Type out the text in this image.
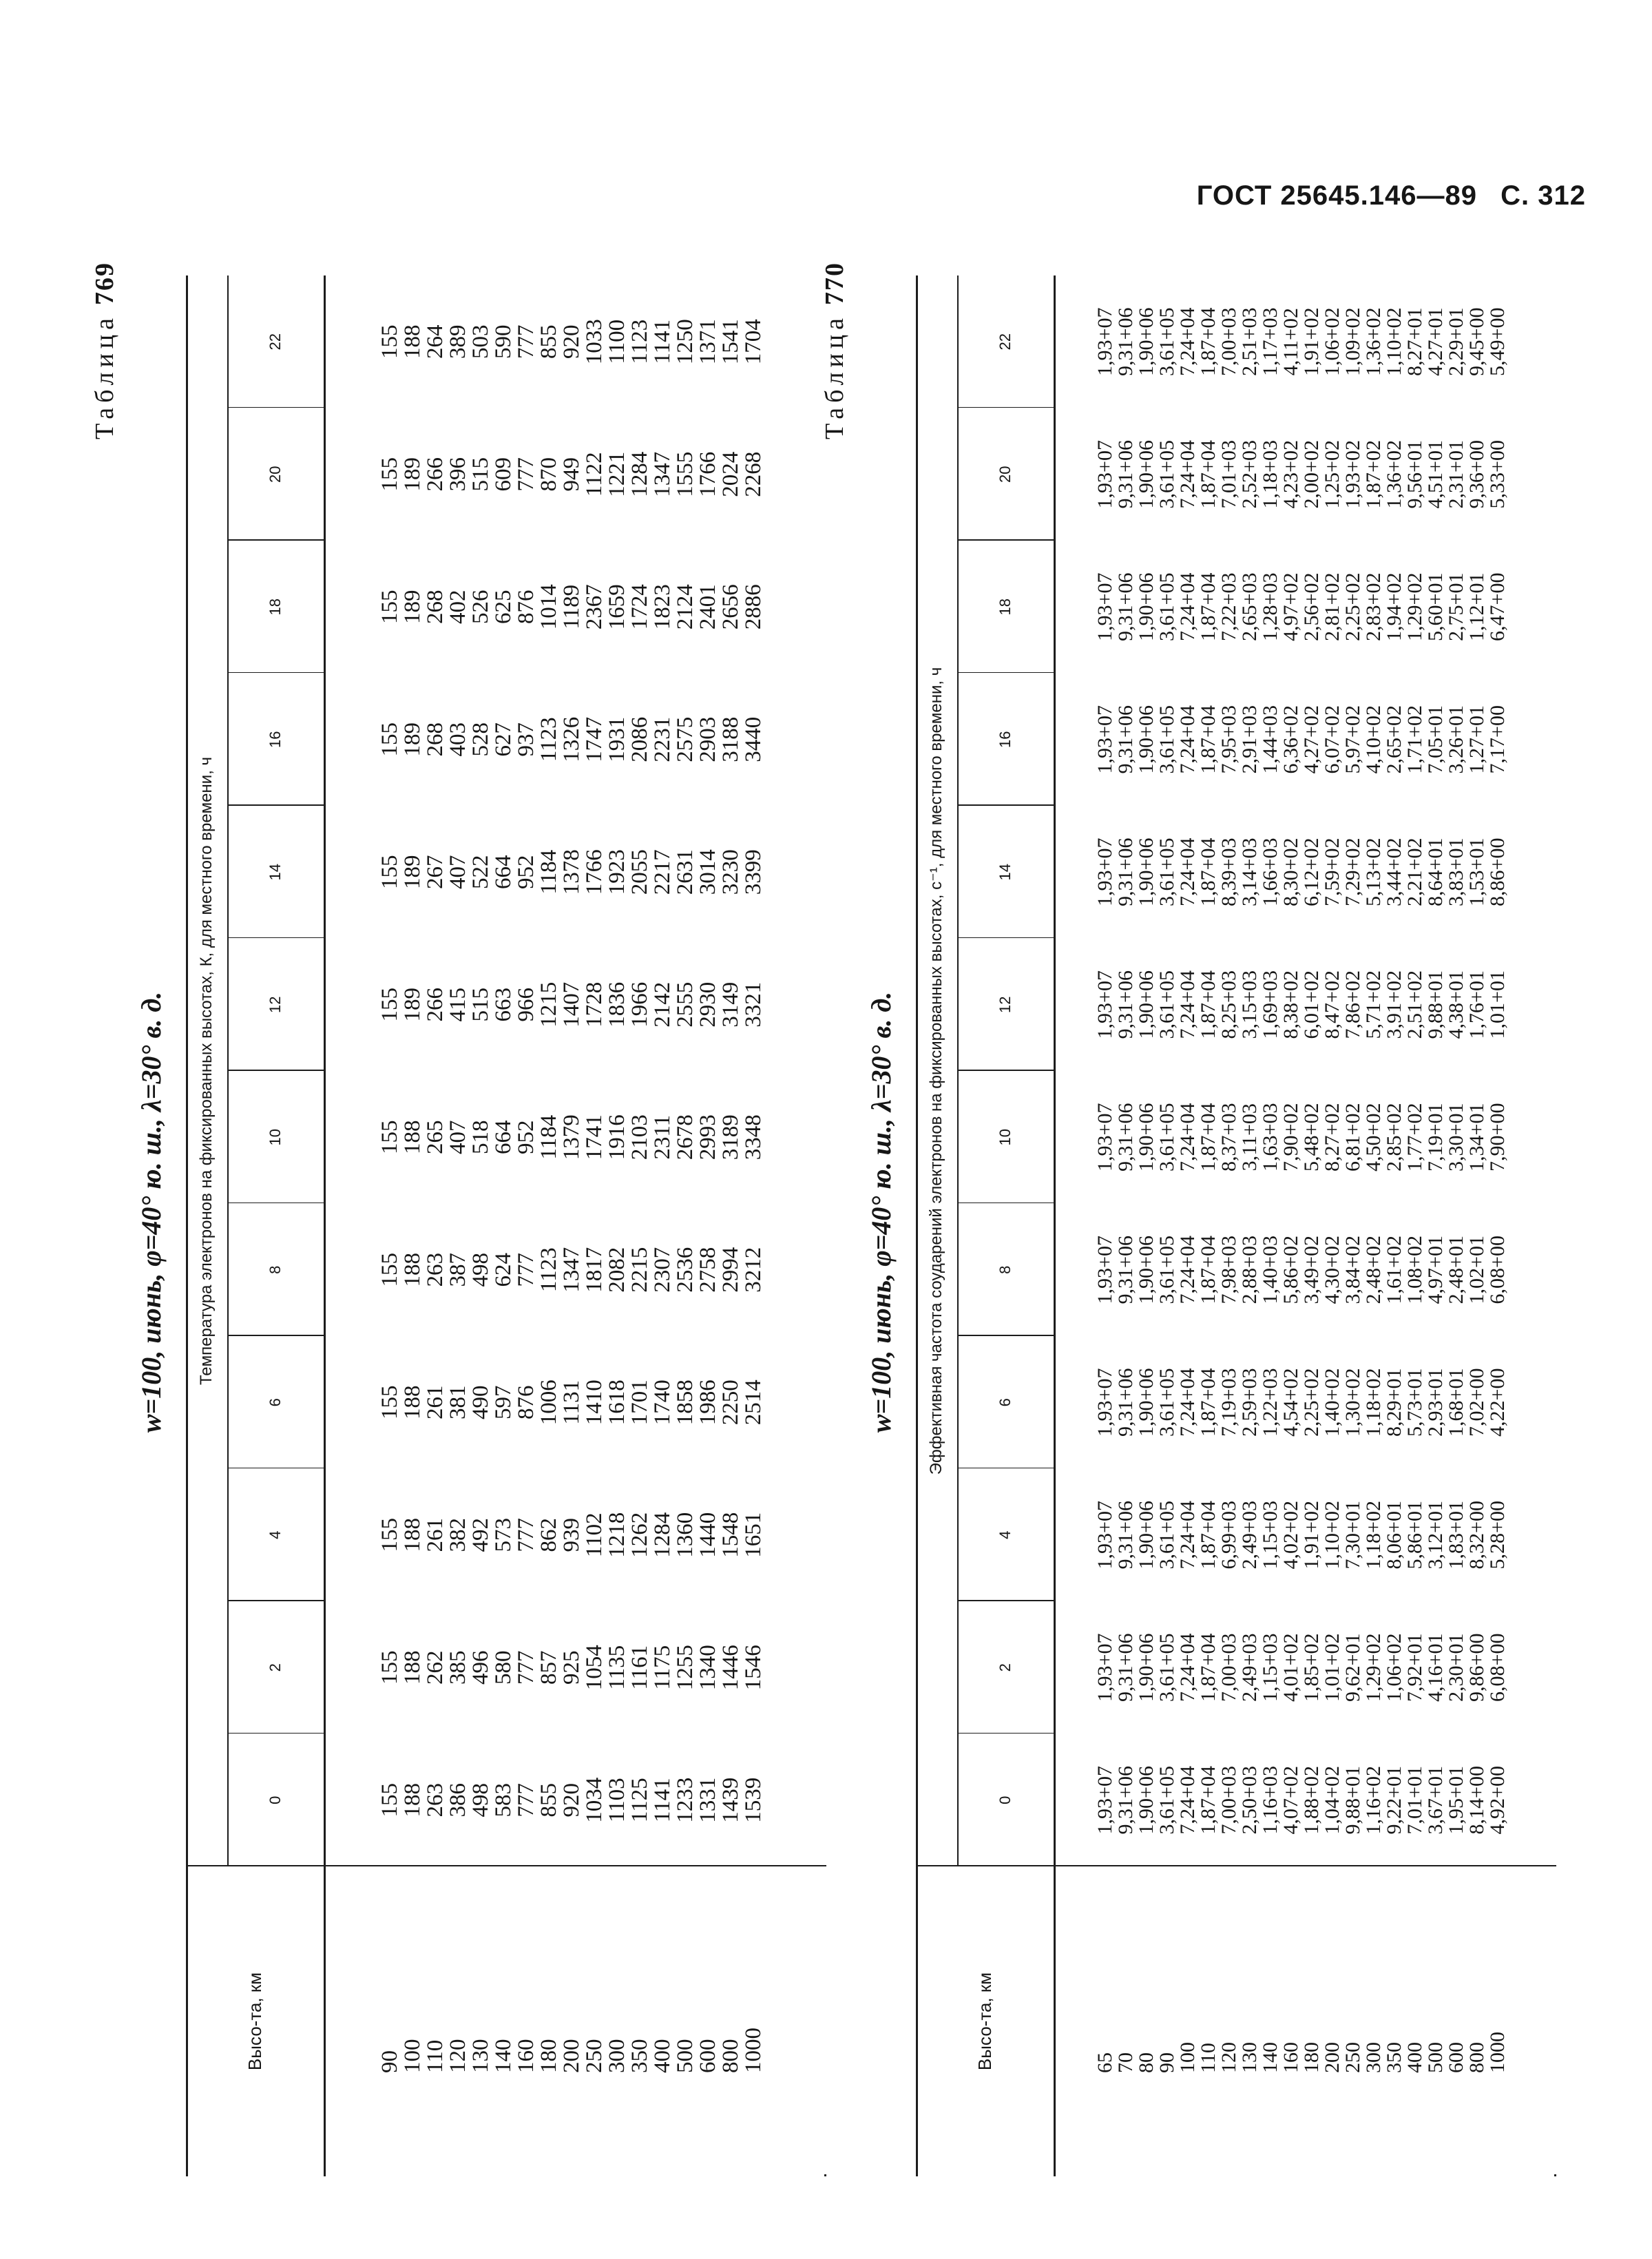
ГОСТ 25645.146—89 С. 312
Таблица769
w=100, июнь, φ=40° ю. ш., λ=30° в. д.
Высо-
та, км
Температура электронов на фиксированных высотах, К, для местного времени, ч
0
2
4
6
8
10
12
14
16
18
20
22
90
100
110
120
130
140
160
180
200
250
300
350
400
500
600
800
1000
155
188
263
386
498
583
777
855
920
1034
1103
1125
1141
1233
1331
1439
1539
155
188
262
385
496
580
777
857
925
1054
1135
1161
1175
1255
1340
1446
1546
155
188
261
382
492
573
777
862
939
1102
1218
1262
1284
1360
1440
1548
1651
155
188
261
381
490
597
876
1006
1131
1410
1618
1701
1740
1858
1986
2250
2514
155
188
263
387
498
624
777
1123
1347
1817
2082
2215
2307
2536
2758
2994
3212
155
188
265
407
518
664
952
1184
1379
1741
1916
2103
2311
2678
2993
3189
3348
155
189
266
415
515
663
966
1215
1407
1728
1836
1966
2142
2555
2930
3149
3321
155
189
267
407
522
664
952
1184
1378
1766
1923
2055
2217
2631
3014
3230
3399
155
189
268
403
528
627
937
1123
1326
1747
1931
2086
2231
2575
2903
3188
3440
155
189
268
402
526
625
876
1014
1189
2367
1659
1724
1823
2124
2401
2656
2886
155
189
266
396
515
609
777
870
949
1122
1221
1284
1347
1555
1766
2024
2268
155
188
264
389
503
590
777
855
920
1033
1100
1123
1141
1250
1371
1541
1704 Таблица770
w=100, июнь, φ=40° ю. ш., λ=30° в. д.
Высо-
та, км
Эффективная частота соударений электронов на фиксированных высотах, с⁻¹, для местного времени, ч
0
2
4
6
8
10
12
14
16
18
20
22
65
70
80
90
100
110
120
130
140
160
180
200
250
300
350
400
500
600
800
1000
1,93+07
9,31+06
1,90+06
3,61+05
7,24+04
1,87+04
7,00+03
2,50+03
1,16+03
4,07+02
1,88+02
1,04+02
9,88+01
1,16+02
9,22+01
7,01+01
3,67+01
1,95+01
8,14+00
4,92+00
1,93+07
9,31+06
1,90+06
3,61+05
7,24+04
1,87+04
7,00+03
2,49+03
1,15+03
4,01+02
1,85+02
1,01+02
9,62+01
1,29+02
1,06+02
7,92+01
4,16+01
2,30+01
9,86+00
6,08+00
1,93+07
9,31+06
1,90+06
3,61+05
7,24+04
1,87+04
6,99+03
2,49+03
1,15+03
4,02+02
1,91+02
1,10+02
7,30+01
1,18+02
8,06+01
5,86+01
3,12+01
1,83+01
8,32+00
5,28+00
1,93+07
9,31+06
1,90+06
3,61+05
7,24+04
1,87+04
7,19+03
2,59+03
1,22+03
4,54+02
2,25+02
1,40+02
1,30+02
1,18+02
8,29+01
5,73+01
2,93+01
1,68+01
7,02+00
4,22+00
1,93+07
9,31+06
1,90+06
3,61+05
7,24+04
1,87+04
7,98+03
2,88+03
1,40+03
5,86+02
3,49+02
4,30+02
3,84+02
2,48+02
1,61+02
1,08+02
4,97+01
2,48+01
1,02+01
6,08+00
1,93+07
9,31+06
1,90+06
3,61+05
7,24+04
1,87+04
8,37+03
3,11+03
1,63+03
7,90+02
5,48+02
8,27+02
6,81+02
4,50+02
2,85+02
1,77+02
7,19+01
3,30+01
1,34+01
7,90+00
1,93+07
9,31+06
1,90+06
3,61+05
7,24+04
1,87+04
8,25+03
3,15+03
1,69+03
8,38+02
6,01+02
8,47+02
7,86+02
5,71+02
3,91+02
2,51+02
9,88+01
4,38+01
1,76+01
1,01+01
1,93+07
9,31+06
1,90+06
3,61+05
7,24+04
1,87+04
8,39+03
3,14+03
1,66+03
8,30+02
6,12+02
7,59+02
7,29+02
5,13+02
3,44+02
2,21+02
8,64+01
3,83+01
1,53+01
8,86+00
1,93+07
9,31+06
1,90+06
3,61+05
7,24+04
1,87+04
7,95+03
2,91+03
1,44+03
6,36+02
4,27+02
6,07+02
5,97+02
4,10+02
2,65+02
1,71+02
7,05+01
3,26+01
1,27+01
7,17+00
1,93+07
9,31+06
1,90+06
3,61+05
7,24+04
1,87+04
7,22+03
2,65+03
1,28+03
4,97+02
2,56+02
2,81+02
2,25+02
2,83+02
1,94+02
1,29+02
5,60+01
2,75+01
1,12+01
6,47+00
1,93+07
9,31+06
1,90+06
3,61+05
7,24+04
1,87+04
7,01+03
2,52+03
1,18+03
4,23+02
2,00+02
1,25+02
1,93+02
1,87+02
1,36+02
9,56+01
4,51+01
2,31+01
9,36+00
5,33+00
1,93+07
9,31+06
1,90+06
3,61+05
7,24+04
1,87+04
7,00+03
2,51+03
1,17+03
4,11+02
1,91+02
1,06+02
1,09+02
1,36+02
1,10+02
8,27+01
4,27+01
2,29+01
9,45+00
5,49+00
